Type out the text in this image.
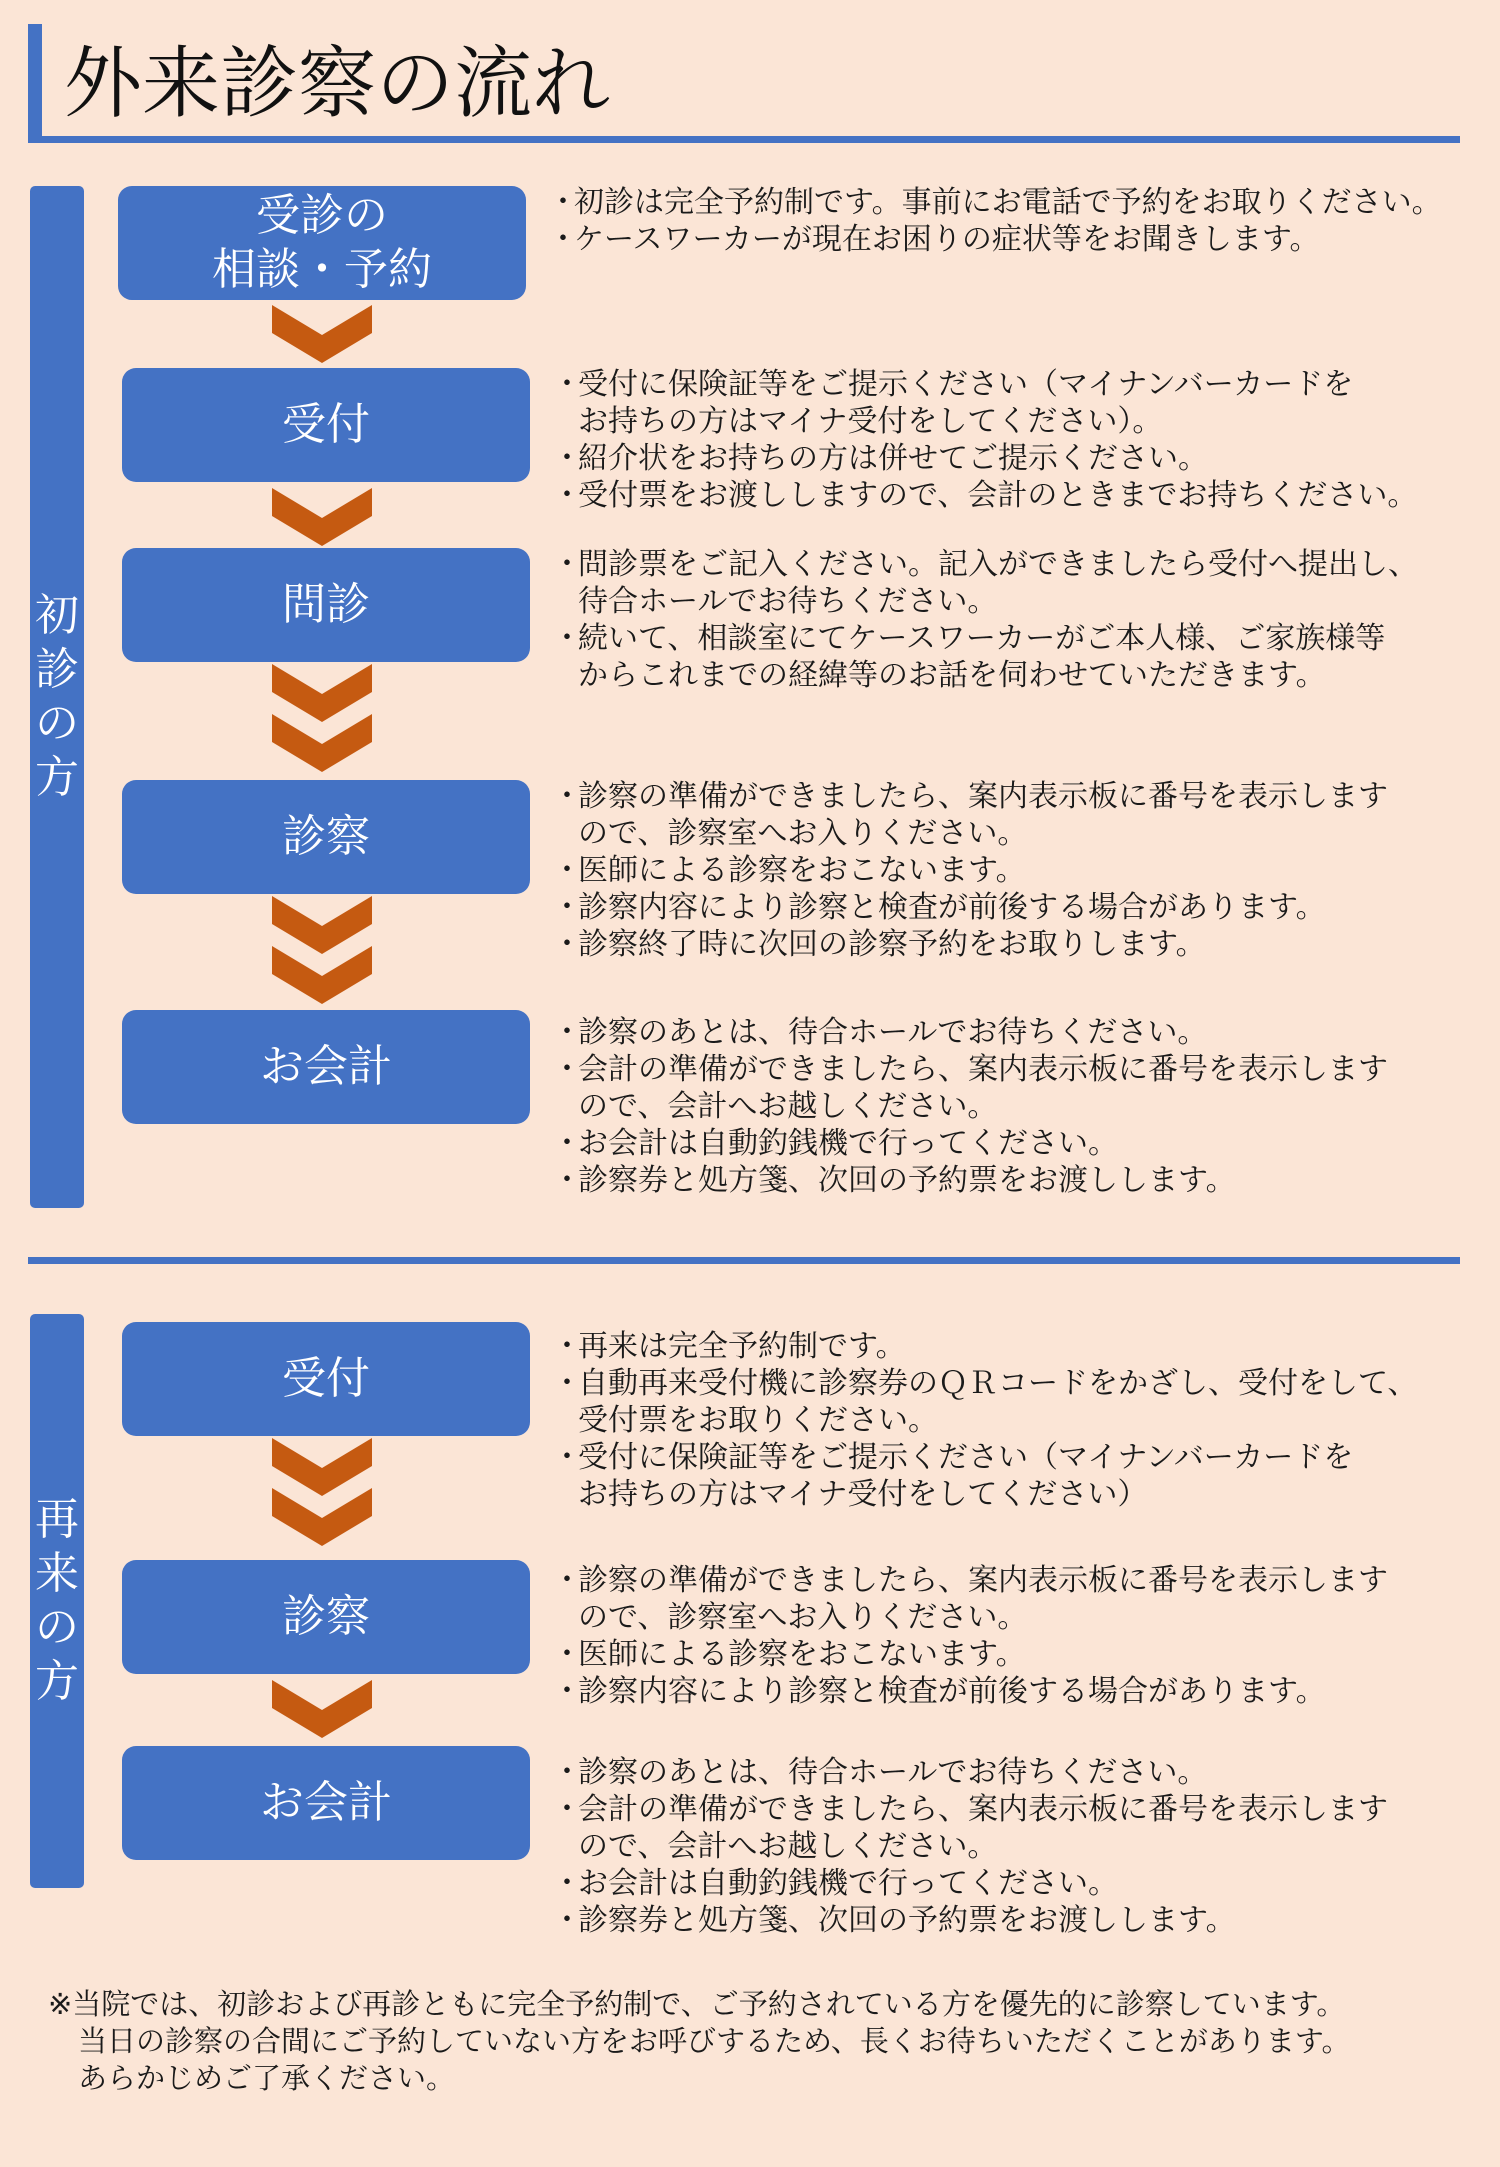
外来診察の流れ
初診の方
受診の
相談・予約
受付
問診
診察
お会計
・ 初診は完全予約制です。事前にお電話で予約をお取りください。
・ ケースワーカーが現在お困りの症状等をお聞きします。
・ 受付に保険証等をご提示ください（マイナンバーカードを
お持ちの方はマイナ受付をしてください）。
・ 紹介状をお持ちの方は併せてご提示ください。
・ 受付票をお渡ししますので、会計のときまでお持ちください。
・ 問診票をご記入ください。記入ができましたら受付へ提出し、
待合ホールでお待ちください。
・ 続いて、相談室にてケースワーカーがご本人様、ご家族様等
からこれまでの経緯等のお話を伺わせていただきます。
・ 診察の準備ができましたら、案内表示板に番号を表示します
ので、診察室へお入りください。
・ 医師による診察をおこないます。
・ 診察内容により診察と検査が前後する場合があります。
・ 診察終了時に次回の診察予約をお取りします。
・ 診察のあとは、待合ホールでお待ちください。
・ 会計の準備ができましたら、案内表示板に番号を表示します
ので、会計へお越しください。
・ お会計は自動釣銭機で行ってください。
・ 診察券と処方箋、次回の予約票をお渡しします。
再来の方
受付
診察
お会計
・ 再来は完全予約制です。
・ 自動再来受付機に診察券のＱＲコードをかざし、受付をして、
受付票をお取りください。
・ 受付に保険証等をご提示ください（マイナンバーカードを
お持ちの方はマイナ受付をしてください）
・ 診察の準備ができましたら、案内表示板に番号を表示します
ので、診察室へお入りください。
・ 医師による診察をおこないます。
・ 診察内容により診察と検査が前後する場合があります。
・ 診察のあとは、待合ホールでお待ちください。
・ 会計の準備ができましたら、案内表示板に番号を表示します
ので、会計へお越しください。
・ お会計は自動釣銭機で行ってください。
・ 診察券と処方箋、次回の予約票をお渡しします。
※当院では、初診および再診ともに完全予約制で、ご予約されている方を優先的に診察しています。
当日の診察の合間にご予約していない方をお呼びするため、長くお待ちいただくことがあります。
あらかじめご了承ください。
